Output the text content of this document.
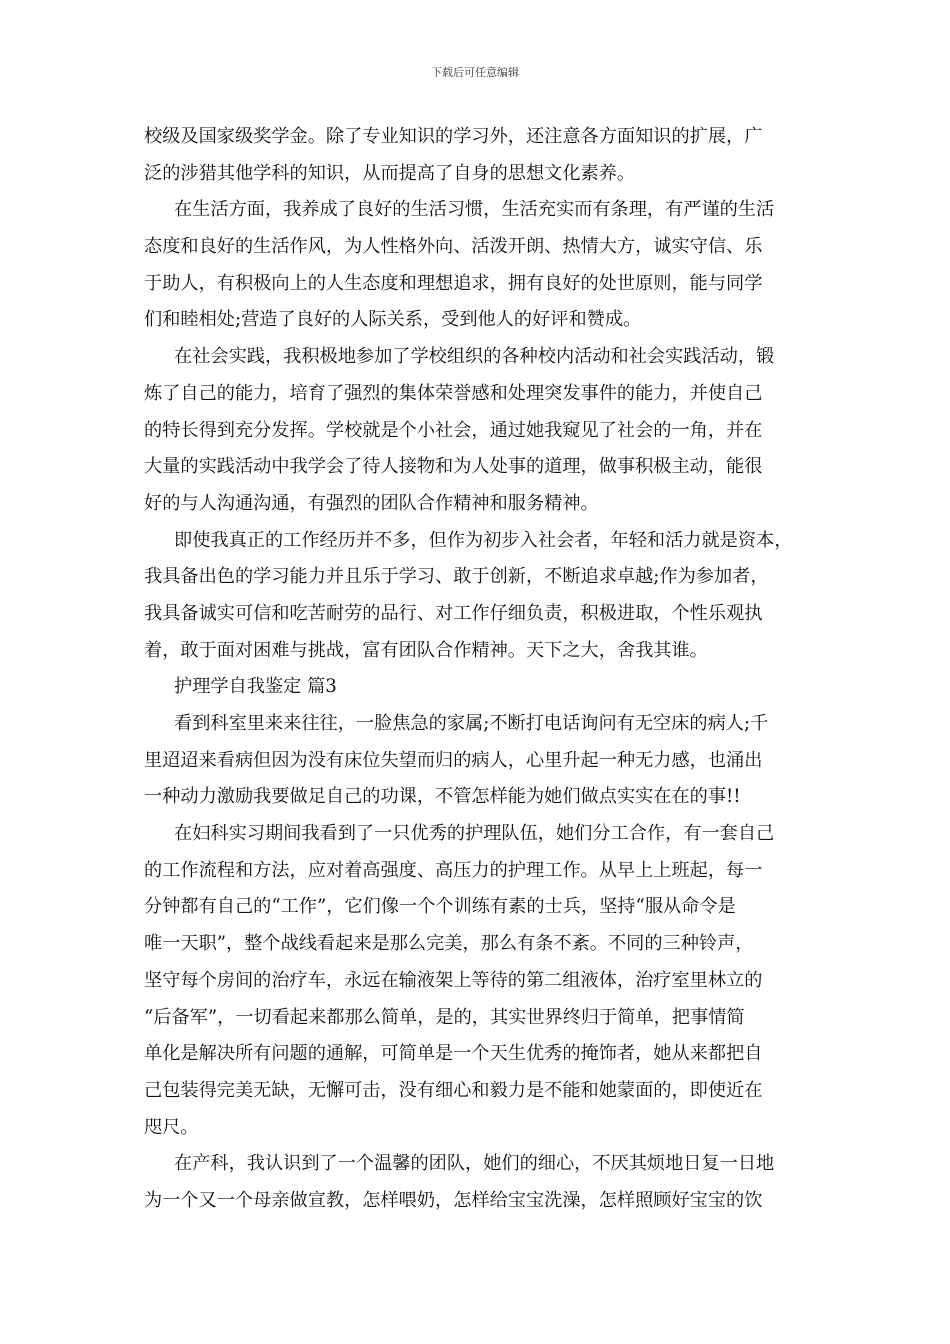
下载后可任意编辑
校级及国家级奖学金。除了专业知识的学习外，还注意各方面知识的扩展，广
泛的涉猎其他学科的知识，从而提高了自身的思想文化素养。
在生活方面，我养成了良好的生活习惯，生活充实而有条理，有严谨的生活
态度和良好的生活作风，为人性格外向、活泼开朗、热情大方，诚实守信、乐
于助人，有积极向上的人生态度和理想追求，拥有良好的处世原则，能与同学
们和睦相处;营造了良好的人际关系，受到他人的好评和赞成。
在社会实践，我积极地参加了学校组织的各种校内活动和社会实践活动，锻
炼了自己的能力，培育了强烈的集体荣誉感和处理突发事件的能力，并使自己
的特长得到充分发挥。学校就是个小社会，通过她我窥见了社会的一角，并在
大量的实践活动中我学会了待人接物和为人处事的道理，做事积极主动，能很
好的与人沟通沟通，有强烈的团队合作精神和服务精神。
即使我真正的工作经历并不多，但作为初步入社会者，年轻和活力就是资本，
我具备出色的学习能力并且乐于学习、敢于创新，不断追求卓越;作为参加者，
我具备诚实可信和吃苦耐劳的品行、对工作仔细负责，积极进取，个性乐观执
着，敢于面对困难与挑战，富有团队合作精神。天下之大，舍我其谁。
护理学自我鉴定 篇3
看到科室里来来往往，一脸焦急的家属;不断打电话询问有无空床的病人;千
里迢迢来看病但因为没有床位失望而归的病人，心里升起一种无力感，也涌出
一种动力激励我要做足自己的功课，不管怎样能为她们做点实实在在的事!!
在妇科实习期间我看到了一只优秀的护理队伍，她们分工合作，有一套自己
的工作流程和方法，应对着高强度、高压力的护理工作。从早上上班起，每一
分钟都有自己的“工作”，它们像一个个训练有素的士兵，坚持“服从命令是
唯一天职”，整个战线看起来是那么完美，那么有条不紊。不同的三种铃声，
坚守每个房间的治疗车，永远在输液架上等待的第二组液体，治疗室里林立的
“后备军”，一切看起来都那么简单，是的，其实世界终归于简单，把事情简
单化是解决所有问题的通解，可简单是一个天生优秀的掩饰者，她从来都把自
己包装得完美无缺，无懈可击，没有细心和毅力是不能和她蒙面的，即使近在
咫尺。
在产科，我认识到了一个温馨的团队，她们的细心，不厌其烦地日复一日地
为一个又一个母亲做宣教，怎样喂奶，怎样给宝宝洗澡，怎样照顾好宝宝的饮
